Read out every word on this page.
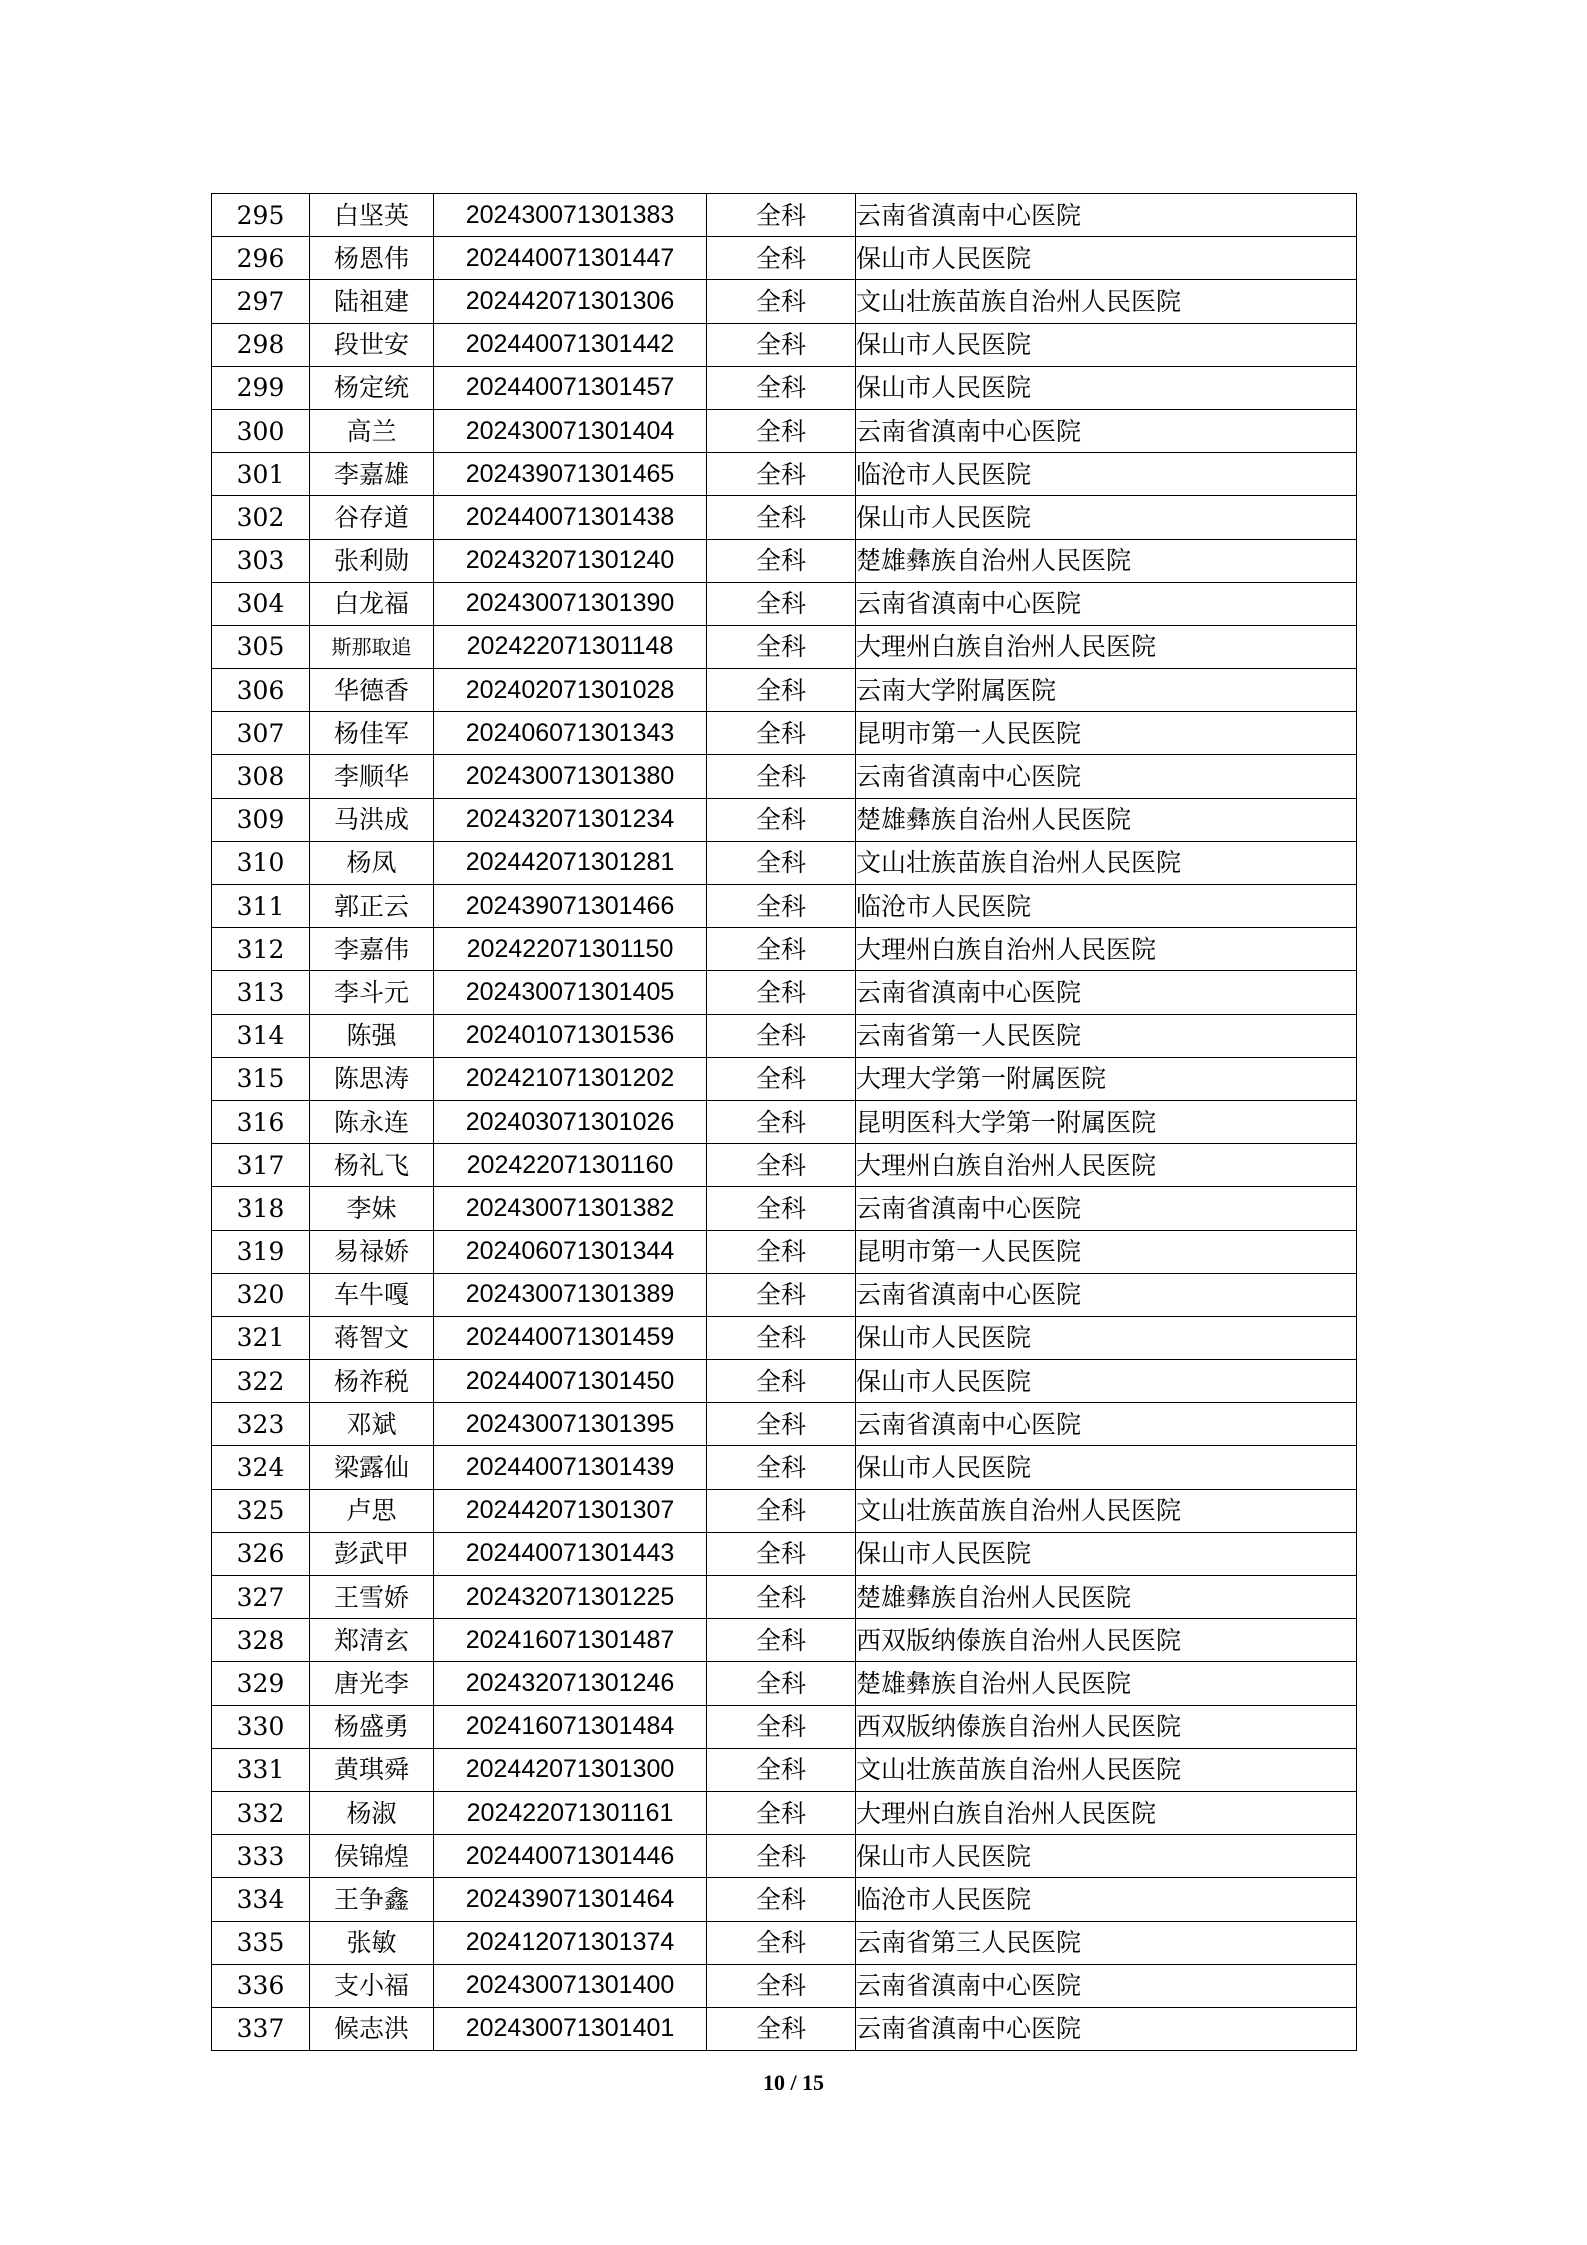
295	白坚英	202430071301383	全科	云南省滇南中心医院
296	杨恩伟	202440071301447	全科	保山市人民医院
297	陆祖建	202442071301306	全科	文山壮族苗族自治州人民医院
298	段世安	202440071301442	全科	保山市人民医院
299	杨定统	202440071301457	全科	保山市人民医院
300	高兰	202430071301404	全科	云南省滇南中心医院
301	李嘉雄	202439071301465	全科	临沧市人民医院
302	谷存道	202440071301438	全科	保山市人民医院
303	张利勋	202432071301240	全科	楚雄彝族自治州人民医院
304	白龙福	202430071301390	全科	云南省滇南中心医院
305	斯那取追	202422071301148	全科	大理州白族自治州人民医院
306	华德香	202402071301028	全科	云南大学附属医院
307	杨佳军	202406071301343	全科	昆明市第一人民医院
308	李顺华	202430071301380	全科	云南省滇南中心医院
309	马洪成	202432071301234	全科	楚雄彝族自治州人民医院
310	杨凤	202442071301281	全科	文山壮族苗族自治州人民医院
311	郭正云	202439071301466	全科	临沧市人民医院
312	李嘉伟	202422071301150	全科	大理州白族自治州人民医院
313	李斗元	202430071301405	全科	云南省滇南中心医院
314	陈强	202401071301536	全科	云南省第一人民医院
315	陈思涛	202421071301202	全科	大理大学第一附属医院
316	陈永连	202403071301026	全科	昆明医科大学第一附属医院
317	杨礼飞	202422071301160	全科	大理州白族自治州人民医院
318	李妹	202430071301382	全科	云南省滇南中心医院
319	易禄娇	202406071301344	全科	昆明市第一人民医院
320	车牛嘎	202430071301389	全科	云南省滇南中心医院
321	蒋智文	202440071301459	全科	保山市人民医院
322	杨祚税	202440071301450	全科	保山市人民医院
323	邓斌	202430071301395	全科	云南省滇南中心医院
324	梁露仙	202440071301439	全科	保山市人民医院
325	卢思	202442071301307	全科	文山壮族苗族自治州人民医院
326	彭武甲	202440071301443	全科	保山市人民医院
327	王雪娇	202432071301225	全科	楚雄彝族自治州人民医院
328	郑清玄	202416071301487	全科	西双版纳傣族自治州人民医院
329	唐光李	202432071301246	全科	楚雄彝族自治州人民医院
330	杨盛勇	202416071301484	全科	西双版纳傣族自治州人民医院
331	黄琪舜	202442071301300	全科	文山壮族苗族自治州人民医院
332	杨淑	202422071301161	全科	大理州白族自治州人民医院
333	侯锦煌	202440071301446	全科	保山市人民医院
334	王争鑫	202439071301464	全科	临沧市人民医院
335	张敏	202412071301374	全科	云南省第三人民医院
336	支小福	202430071301400	全科	云南省滇南中心医院
337	候志洪	202430071301401	全科	云南省滇南中心医院
10 / 15
